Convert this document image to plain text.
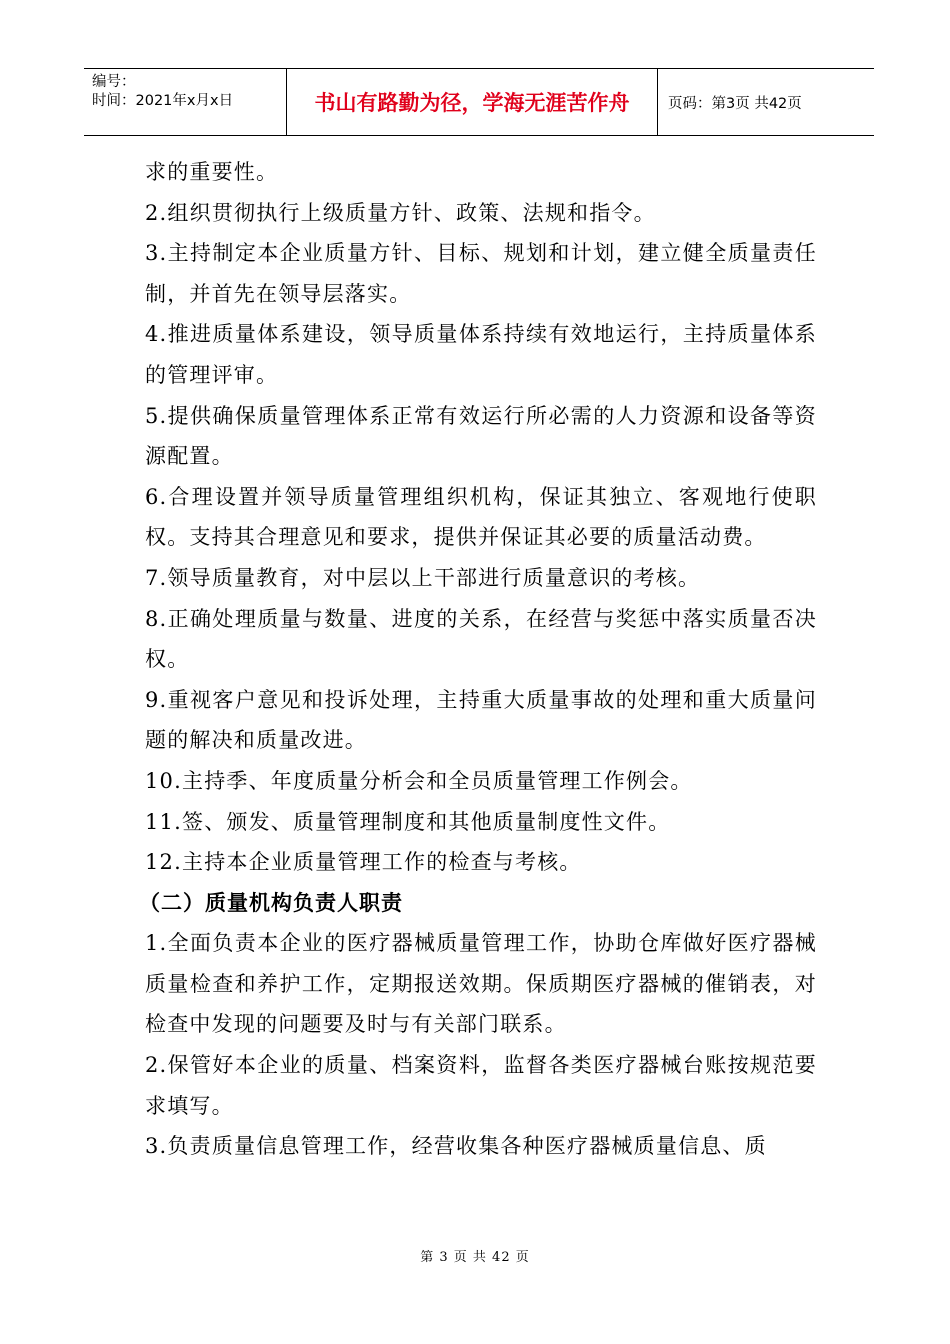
编号：
时间：2021年x月x日	书山有路勤为径，学海无涯苦作舟	页码：第3页 共42页

求的重要性。

2.组织贯彻执行上级质量方针、政策、法规和指令。

3.主持制定本企业质量方针、目标、规划和计划，建立健全质量责任制，并首先在领导层落实。

4.推进质量体系建设，领导质量体系持续有效地运行，主持质量体系的管理评审。

5.提供确保质量管理体系正常有效运行所必需的人力资源和设备等资源配置。

6.合理设置并领导质量管理组织机构，保证其独立、客观地行使职权。支持其合理意见和要求，提供并保证其必要的质量活动费。

7.领导质量教育，对中层以上干部进行质量意识的考核。

8.正确处理质量与数量、进度的关系，在经营与奖惩中落实质量否决权。

9.重视客户意见和投诉处理，主持重大质量事故的处理和重大质量问题的解决和质量改进。

10.主持季、年度质量分析会和全员质量管理工作例会。

11.签、颁发、质量管理制度和其他质量制度性文件。

12.主持本企业质量管理工作的检查与考核。

（二）质量机构负责人职责

1.全面负责本企业的医疗器械质量管理工作，协助仓库做好医疗器械质量检查和养护工作，定期报送效期。保质期医疗器械的催销表，对检查中发现的问题要及时与有关部门联系。

2.保管好本企业的质量、档案资料，监督各类医疗器械台账按规范要求填写。

3.负责质量信息管理工作，经营收集各种医疗器械质量信息、质

第 3 页 共 42 页
